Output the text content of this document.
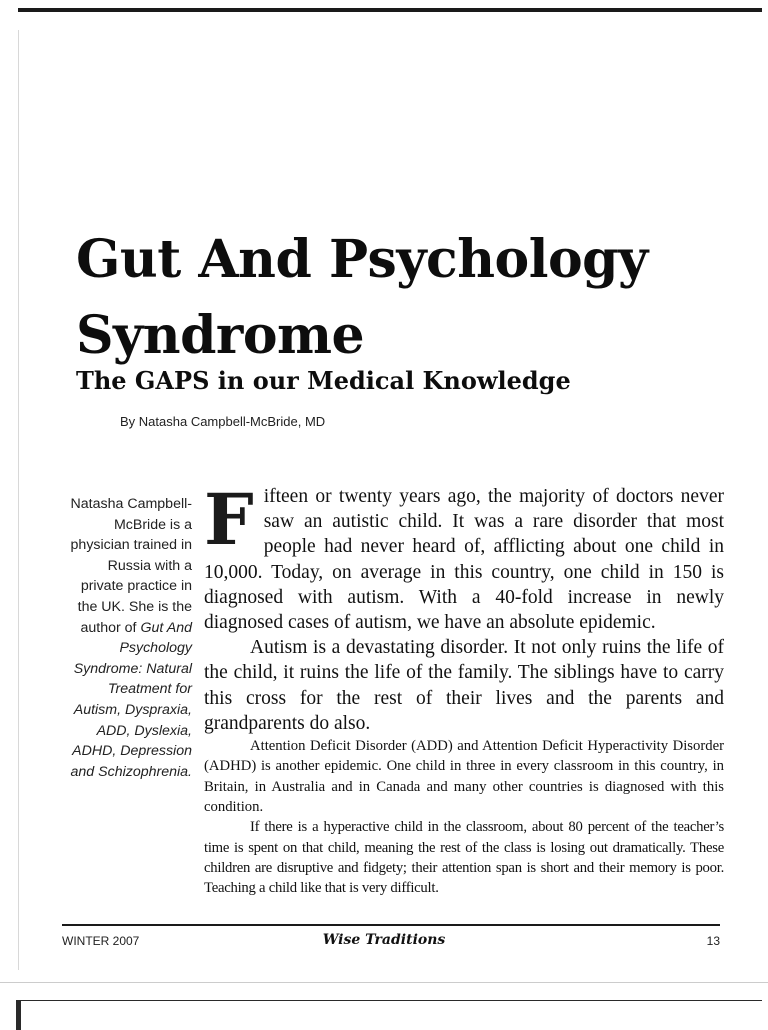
Gut And Psychology Syndrome
The GAPS in our Medical Knowledge
By Natasha Campbell-McBride, MD
Natasha Campbell-McBride is a physician trained in Russia with a private practice in the UK. She is the author of Gut And Psychology Syndrome: Natural Treatment for Autism, Dyspraxia, ADD, Dyslexia, ADHD, Depression and Schizophrenia.

Fifteen or twenty years ago, the majority of doctors never saw an autistic child. It was a rare disorder that most people had never heard of, afflicting about one child in 10,000. Today, on average in this country, one child in 150 is diagnosed with autism. With a 40-fold increase in newly diagnosed cases of autism, we have an absolute epidemic.

Autism is a devastating disorder. It not only ruins the life of the child, it ruins the life of the family. The siblings have to carry this cross for the rest of their lives and the parents and grandparents do also.

Attention Deficit Disorder (ADD) and Attention Deficit Hyperactivity Disorder (ADHD) is another epidemic. One child in three in every classroom in this country, in Britain, in Australia and in Canada and many other countries is diagnosed with this condition.

If there is a hyperactive child in the classroom, about 80 percent of the teacher’s time is spent on that child, meaning the rest of the class is losing out dramatically. These children are disruptive and fidgety; their attention span is short and their memory is poor. Teaching a child like that is very difficult.

WINTER 2007	Wise Traditions	13
